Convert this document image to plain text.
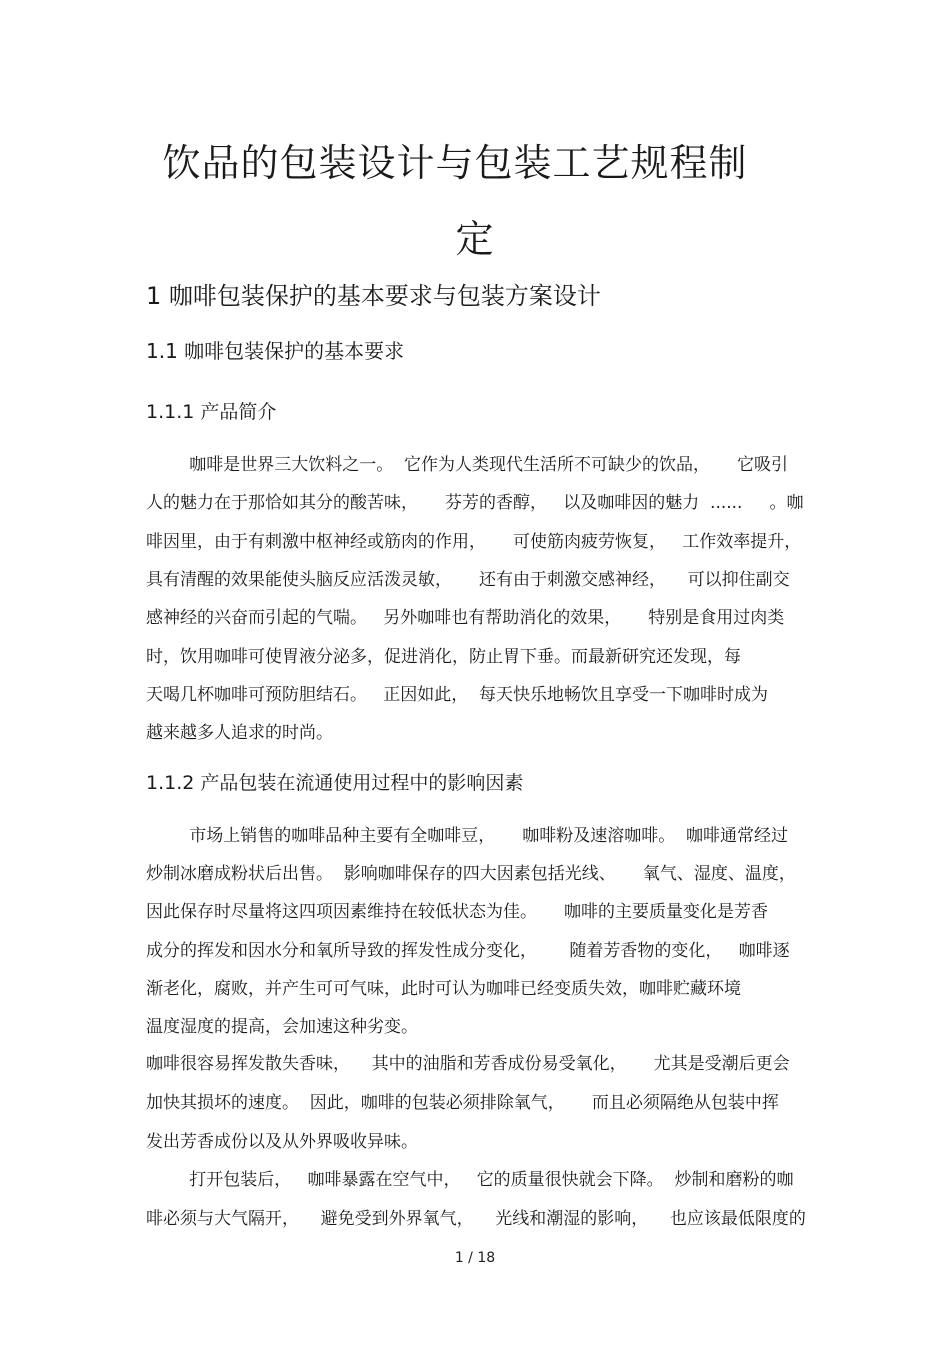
饮品的包装设计与包装工艺规程制
定
1 咖啡包装保护的基本要求与包装方案设计
1.1 咖啡包装保护的基本要求
1.1.1 产品简介

咖啡是世界三大饮料之一。  它作为人类现代生活所不可缺少的饮品，     它吸引

人的魅力在于那恰如其分的酸苦味，     芬芳的香醇，   以及咖啡因的魅力  ......     。咖

啡因里，由于有刺激中枢神经或筋肉的作用，     可使筋肉疲劳恢复，   工作效率提升，

具有清醒的效果能使头脑反应活泼灵敏，     还有由于刺激交感神经，    可以抑住副交

感神经的兴奋而引起的气喘。   另外咖啡也有帮助消化的效果，     特别是食用过肉类

时，饮用咖啡可使胃液分泌多，促进消化，防止胃下垂。而最新研究还发现，每

天喝几杯咖啡可预防胆结石。   正因如此，  每天快乐地畅饮且享受一下咖啡时成为

越来越多人追求的时尚。

1.1.2 产品包装在流通使用过程中的影响因素

市场上销售的咖啡品种主要有全咖啡豆，     咖啡粉及速溶咖啡。  咖啡通常经过

炒制冰磨成粉状后出售。  影响咖啡保存的四大因素包括光线、     氧气、湿度、温度，

因此保存时尽量将这四项因素维持在较低状态为佳。     咖啡的主要质量变化是芳香

成分的挥发和因水分和氧所导致的挥发性成分变化，      随着芳香物的变化，   咖啡逐

渐老化，腐败，并产生可可气味，此时可认为咖啡已经变质失效，咖啡贮藏环境

温度湿度的提高，会加速这种劣变。

咖啡很容易挥发散失香味，    其中的油脂和芳香成份易受氧化，     尤其是受潮后更会

加快其损坏的速度。  因此，咖啡的包装必须排除氧气，     而且必须隔绝从包装中挥

发出芳香成份以及从外界吸收异味。

打开包装后，   咖啡暴露在空气中，   它的质量很快就会下降。  炒制和磨粉的咖

啡必须与大气隔开，    避免受到外界氧气，    光线和潮湿的影响，    也应该最低限度的

1 / 18
